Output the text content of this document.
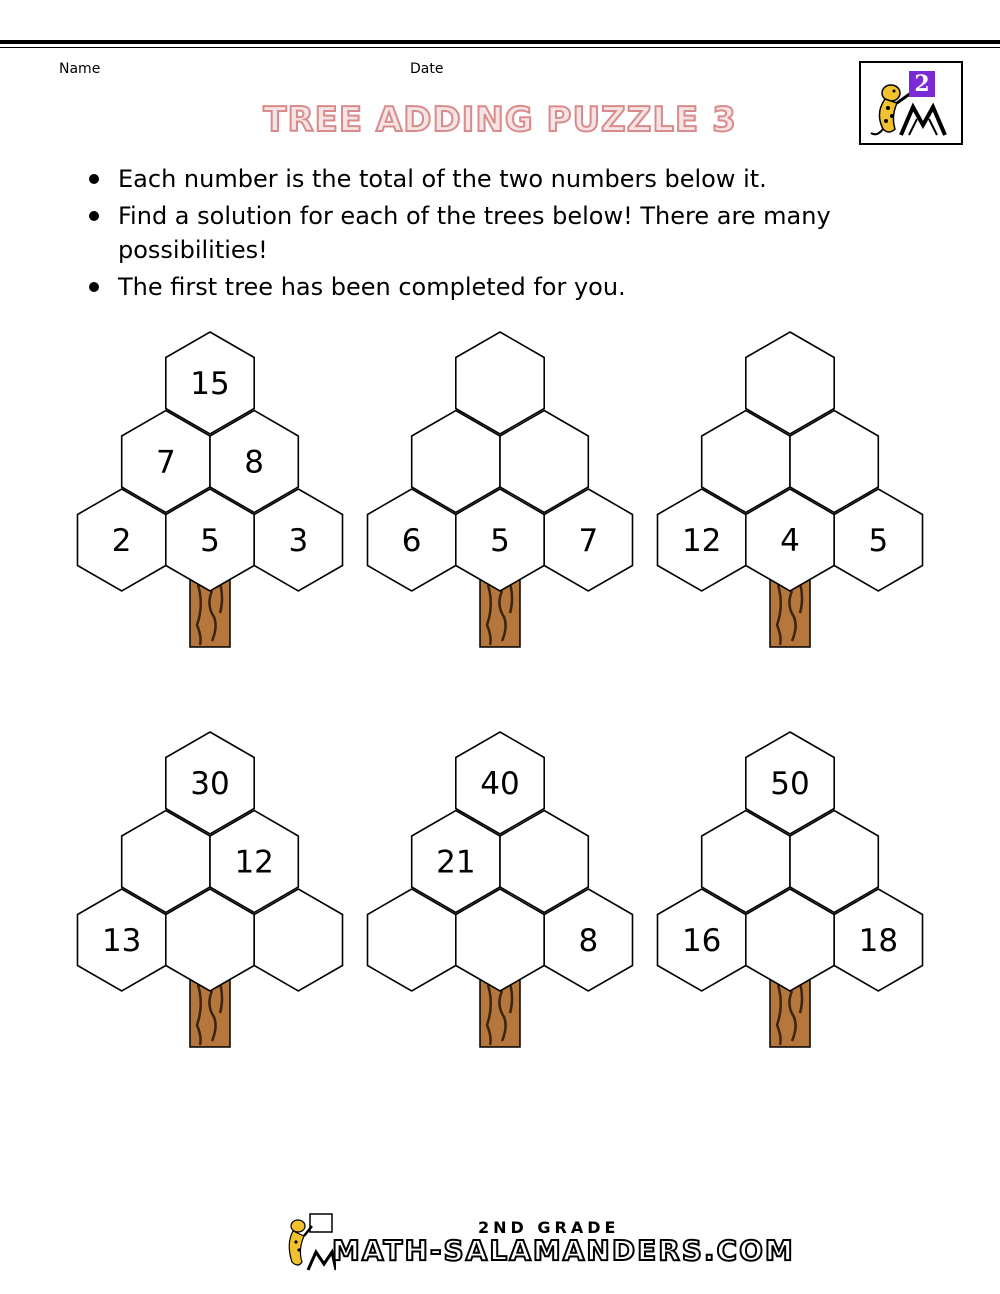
Name	Date
2
TREE ADDING PUZZLE 3
Each number is the total of the two numbers below it.
Find a solution for each of the trees below! There are many possibilities!
The first tree has been completed for you.
15
7 8
2 5 3	6 5 7	12 4 5
30
12
13
40
21
8
50
16	18
2ND GRADE
MATH-SALAMANDERS.COM
